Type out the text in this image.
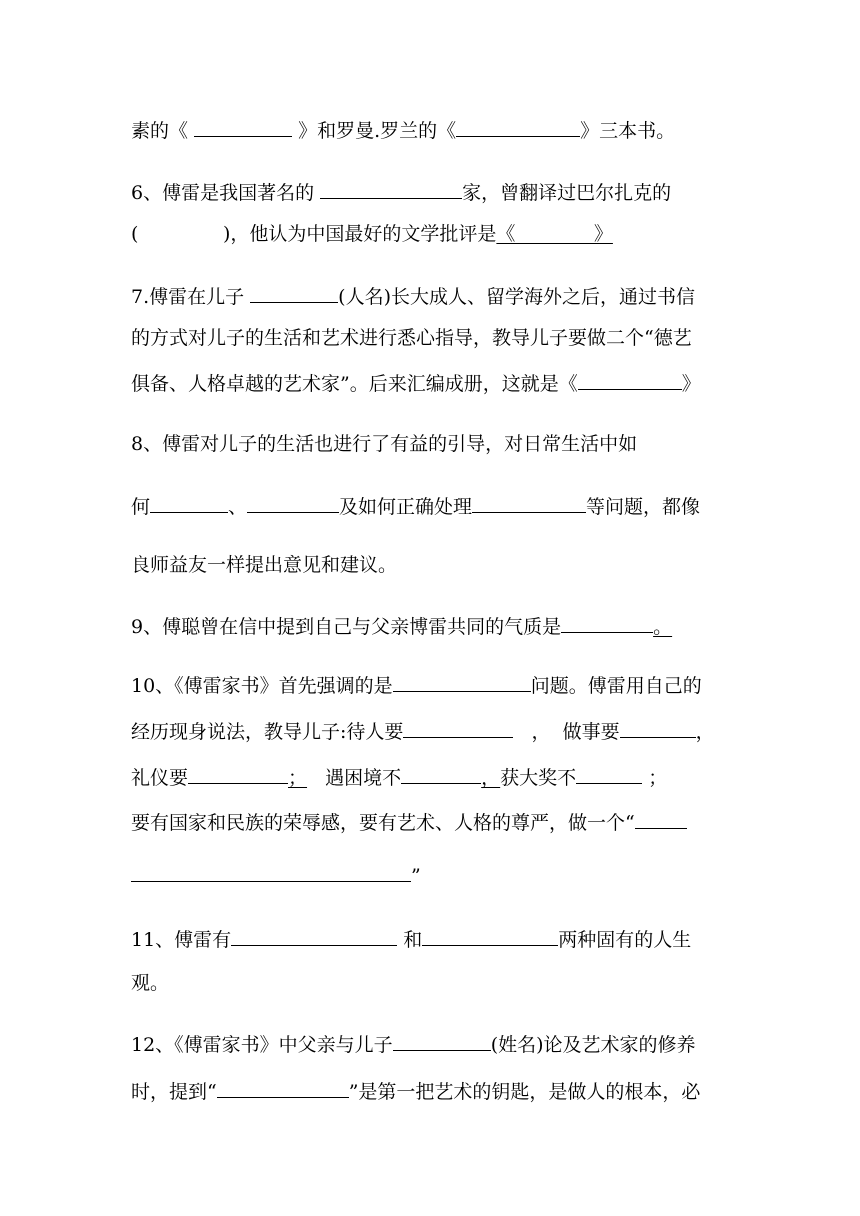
素的《	》和罗曼.罗兰的《	》三本书。
6、傅雷是我国著名的	家，曾翻译过巴尔扎克的
(              )，他认为中国最好的文学批评是《             》
7.傅雷在儿子	(人名)长大成人、留学海外之后，通过书信
的方式对儿子的生活和艺术进行悉心指导，教导儿子要做二个“德艺
俱备、人格卓越的艺术家”。后来汇编成册，这就是《	》
8、傅雷对儿子的生活也进行了有益的引导，对日常生活中如
何	、	及如何正确处理	等问题，都像
良师益友一样提出意见和建议。
9、傅聪曾在信中提到自己与父亲博雷共同的气质是	。
10、《傅雷家书》首先强调的是	问题。傅雷用自己的
经历现身说法，教导儿子:待人要	，  做事要	，
礼仪要	；   遇困境不	，获大奖不	；
要有国家和民族的荣辱感，要有艺术、人格的尊严，做一个“
”
11、傅雷有	和	两种固有的人生
观。
12、《傅雷家书》中父亲与儿子	(姓名)论及艺术家的修养
时，提到“	”是第一把艺术的钥匙，是做人的根本，必
